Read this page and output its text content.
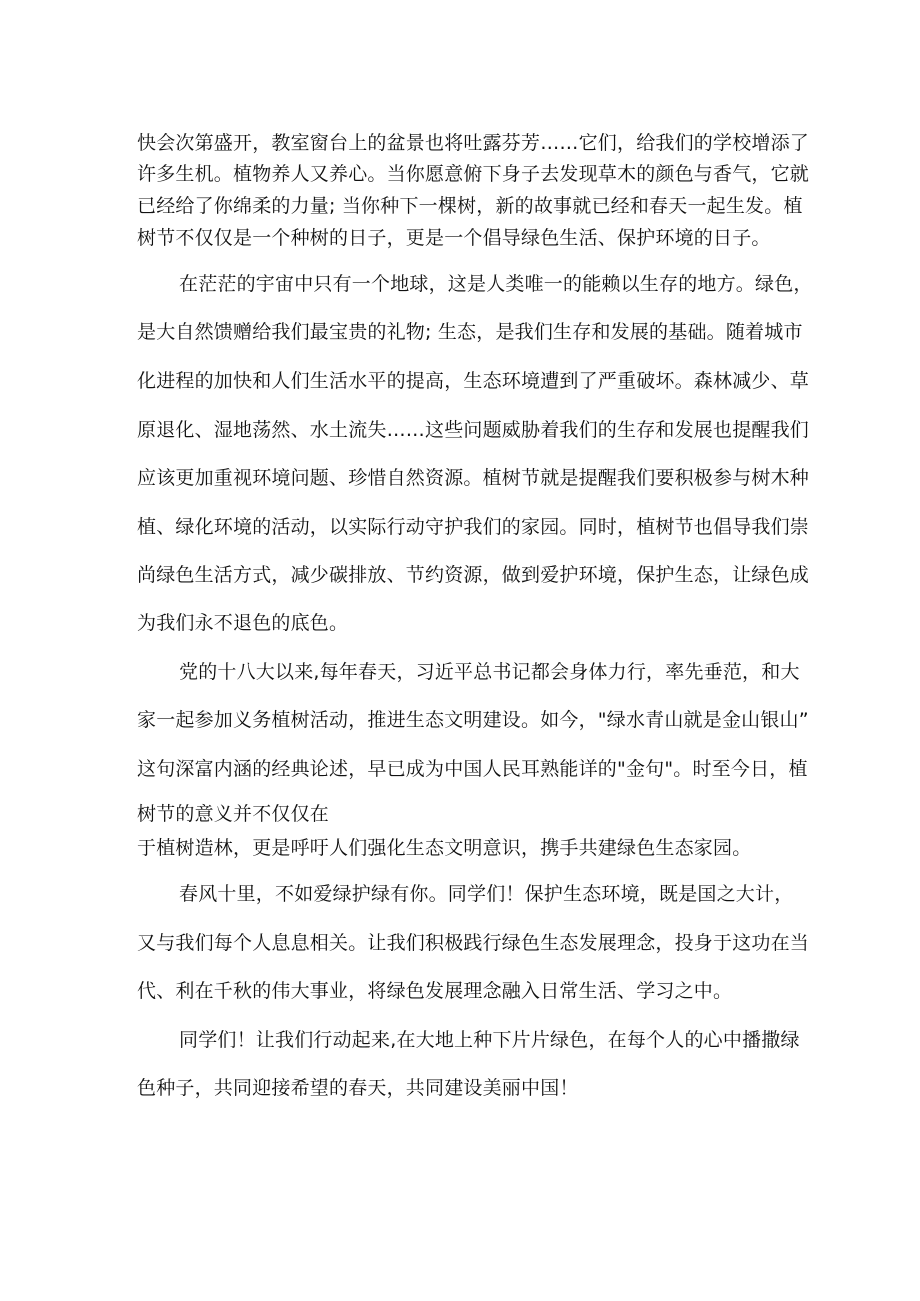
快会次第盛开，教室窗台上的盆景也将吐露芬芳……它们，给我们的学校增添了
许多生机。植物养人又养心。当你愿意俯下身子去发现草木的颜色与香气，它就
已经给了你绵柔的力量; 当你种下一棵树，新的故事就已经和春天一起生发。植
树节不仅仅是一个种树的日子，更是一个倡导绿色生活、保护环境的日子。
在茫茫的宇宙中只有一个地球，这是人类唯一的能赖以生存的地方。绿色，
是大自然馈赠给我们最宝贵的礼物; 生态，是我们生存和发展的基础。随着城市
化进程的加快和人们生活水平的提高，生态环境遭到了严重破坏。森林减少、草
原退化、湿地荡然、水土流失……这些问题威胁着我们的生存和发展也提醒我们
应该更加重视环境问题、珍惜自然资源。植树节就是提醒我们要积极参与树木种
植、绿化环境的活动，以实际行动守护我们的家园。同时，植树节也倡导我们崇
尚绿色生活方式，减少碳排放、节约资源，做到爱护环境，保护生态，让绿色成
为我们永不退色的底色。
党的十八大以来,每年春天，习近平总书记都会身体力行，率先垂范，和大
家一起参加义务植树活动，推进生态文明建设。如今，"绿水青山就是金山银山”
这句深富内涵的经典论述，早已成为中国人民耳熟能详的"金句"。时至今日，植
树节的意义并不仅仅在
于植树造林，更是呼吁人们强化生态文明意识，携手共建绿色生态家园。
春风十里，不如爱绿护绿有你。同学们！保护生态环境，既是国之大计，
又与我们每个人息息相关。让我们积极践行绿色生态发展理念，投身于这功在当
代、利在千秋的伟大事业，将绿色发展理念融入日常生活、学习之中。
同学们！让我们行动起来,在大地上种下片片绿色，在每个人的心中播撒绿
色种子，共同迎接希望的春天，共同建设美丽中国！
